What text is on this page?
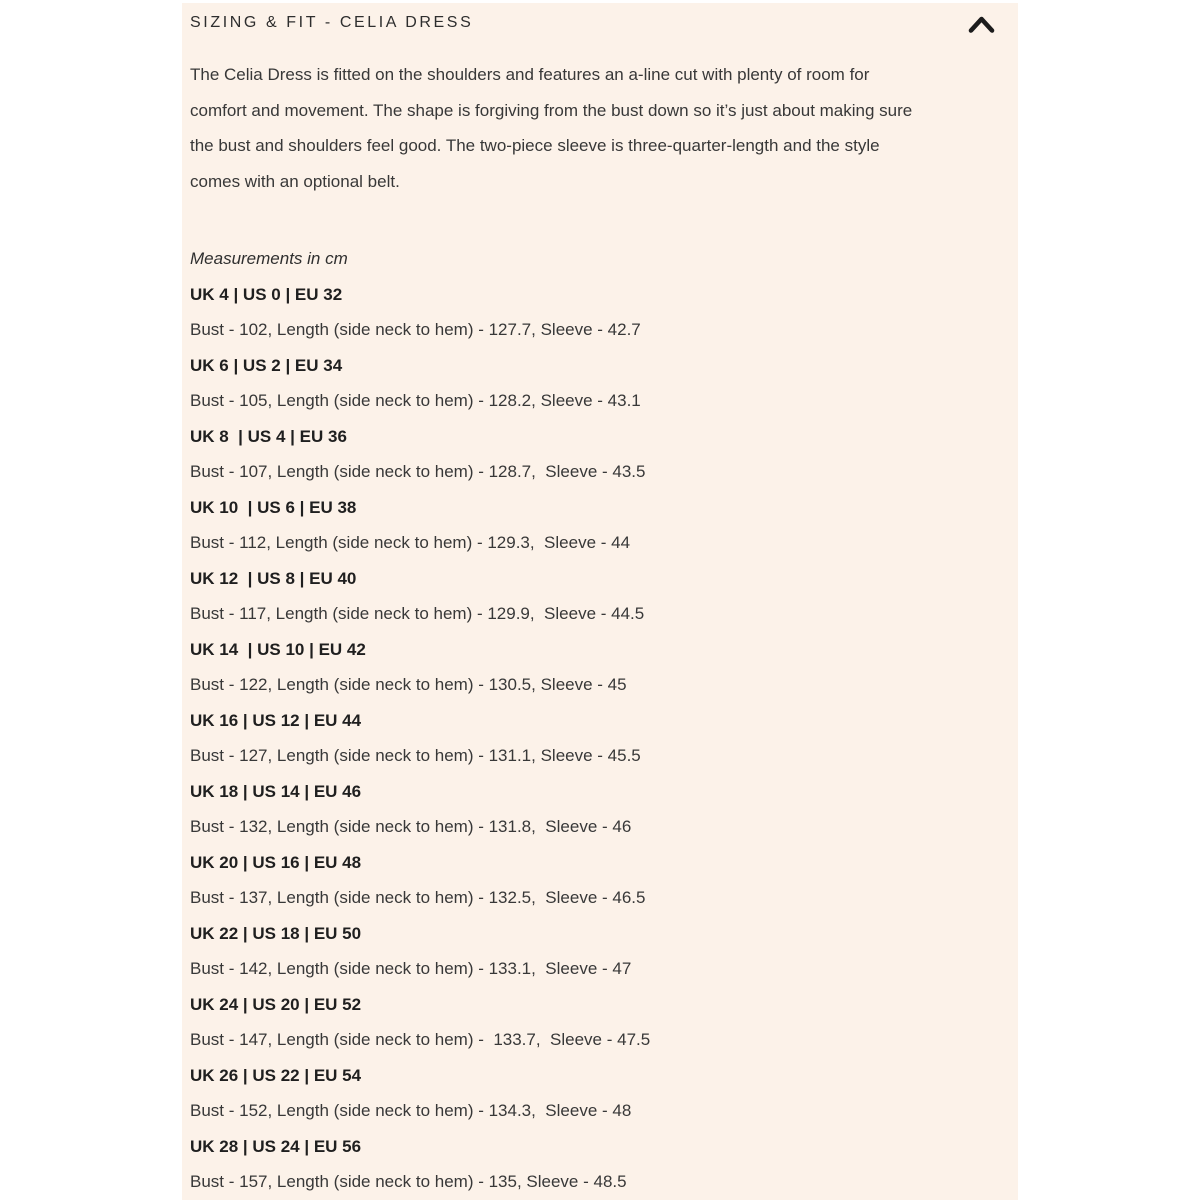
SIZING & FIT - CELIA DRESS
The Celia Dress is fitted on the shoulders and features an a-line cut with plenty of room for
comfort and movement. The shape is forgiving from the bust down so it’s just about making sure
the bust and shoulders feel good. The two-piece sleeve is three-quarter-length and the style
comes with an optional belt.
Measurements in cm
UK 4 | US 0 | EU 32
Bust - 102, Length (side neck to hem) - 127.7, Sleeve - 42.7
UK 6 | US 2 | EU 34
Bust - 105, Length (side neck to hem) - 128.2, Sleeve - 43.1
UK 8  | US 4 | EU 36
Bust - 107, Length (side neck to hem) - 128.7,  Sleeve - 43.5
UK 10  | US 6 | EU 38
Bust - 112, Length (side neck to hem) - 129.3,  Sleeve - 44
UK 12  | US 8 | EU 40
Bust - 117, Length (side neck to hem) - 129.9,  Sleeve - 44.5
UK 14  | US 10 | EU 42
Bust - 122, Length (side neck to hem) - 130.5, Sleeve - 45
UK 16 | US 12 | EU 44
Bust - 127, Length (side neck to hem) - 131.1, Sleeve - 45.5
UK 18 | US 14 | EU 46
Bust - 132, Length (side neck to hem) - 131.8,  Sleeve - 46
UK 20 | US 16 | EU 48
Bust - 137, Length (side neck to hem) - 132.5,  Sleeve - 46.5
UK 22 | US 18 | EU 50
Bust - 142, Length (side neck to hem) - 133.1,  Sleeve - 47
UK 24 | US 20 | EU 52
Bust - 147, Length (side neck to hem) -  133.7,  Sleeve - 47.5
UK 26 | US 22 | EU 54
Bust - 152, Length (side neck to hem) - 134.3,  Sleeve - 48
UK 28 | US 24 | EU 56
Bust - 157, Length (side neck to hem) - 135, Sleeve - 48.5
